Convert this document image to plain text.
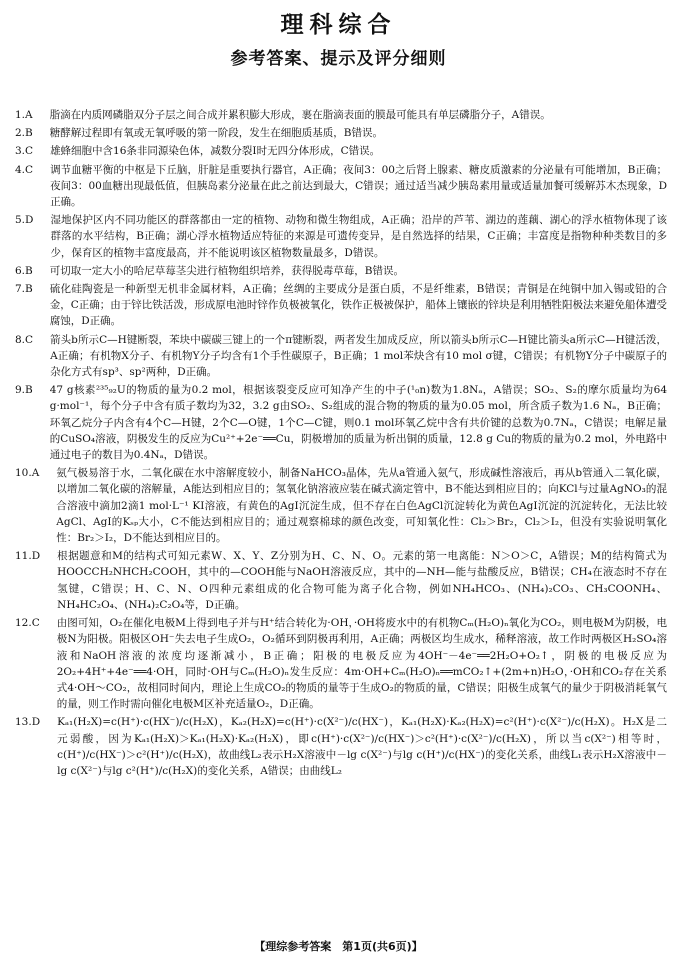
理科综合
参考答案、提示及评分细则
1.A 脂滴在内质网磷脂双分子层之间合成并累积膨大形成，裹在脂滴表面的膜最可能具有单层磷脂分子，A错误。
2.B 糖酵解过程即有氧或无氧呼吸的第一阶段，发生在细胞质基质，B错误。
3.C 雄蜂细胞中含16条非同源染色体，减数分裂Ⅰ时无四分体形成，C错误。
4.C 调节血糖平衡的中枢是下丘脑，肝脏是重要执行器官，A正确；夜间3：00之后肾上腺素、糖皮质激素的分泌量有可能增加，B正确；夜间3：00血糖出现最低值，但胰岛素分泌量在此之前达到最大，C错误；通过适当减少胰岛素用量或适量加餐可缓解苏木杰现象，D正确。
5.D 湿地保护区内不同功能区的群落都由一定的植物、动物和微生物组成，A正确；沿岸的芦苇、湖边的莲藕、湖心的浮水植物体现了该群落的水平结构，B正确；湖心浮水植物适应特征的来源是可遗传变异，是自然选择的结果，C正确；丰富度是指物种种类数目的多少，保育区的植物丰富度最高，并不能说明该区植物数量最多，D错误。
6.B 可切取一定大小的哈尼草莓茎尖进行植物组织培养，获得脱毒草莓，B错误。
7.B 硫化硅陶瓷是一种新型无机非金属材料，A正确；丝绸的主要成分是蛋白质，不是纤维素，B错误；青铜是在纯铜中加入锡或铅的合金，C正确；由于锌比铁活泼，形成原电池时锌作负极被氧化，铁作正极被保护，船体上镶嵌的锌块是利用牺牲阳极法来避免船体遭受腐蚀，D正确。
8.C 箭头b所示C—H键断裂，苯块中碳碳三键上的一个π键断裂，两者发生加成反应，所以箭头b所示C—H键比箭头a所示C—H键活泼，A正确；有机物X分子、有机物Y分子均含有1个手性碳原子，B正确；1 mol苯炔含有10 mol σ键，C错误；有机物Y分子中碳原子的杂化方式有sp³、sp²两种，D正确。
9.B 47 g核素²³⁵₉₂U的物质的量为0.2 mol，根据该裂变反应可知净产生的中子(¹₀n)数为1.8Nₐ，A错误；SO₂、S₂的摩尔质量均为64 g·mol⁻¹，每个分子中含有质子数均为32，3.2 g由SO₂、S₂组成的混合物的物质的量为0.05 mol，所含质子数为1.6 Nₐ，B正确；环氧乙烷分子内含有4个C—H键，2个C—O键，1个C—C键，则0.1 mol环氧乙烷中含有共价键的总数为0.7Nₐ，C错误；电解足量的CuSO₄溶液，阴极发生的反应为Cu²⁺+2e⁻══Cu，阴极增加的质量为析出铜的质量，12.8 g Cu的物质的量为0.2 mol，外电路中通过电子的数目为0.4Nₐ，D错误。
10.A 氨气极易溶于水，二氧化碳在水中溶解度较小，制备NaHCO₃晶体，先从a管通入氨气，形成碱性溶液后，再从b管通入二氧化碳，以增加二氧化碳的溶解量，A能达到相应目的；氢氧化钠溶液应装在碱式滴定管中，B不能达到相应目的；向KCl与过量AgNO₃的混合溶液中滴加2滴1 mol·L⁻¹ KI溶液，有黄色的AgI沉淀生成，但不存在白色AgCl沉淀转化为黄色AgI沉淀的沉淀转化，无法比较AgCl、AgI的Kₛₚ大小，C不能达到相应目的；通过观察棉球的颜色改变，可知氧化性：Cl₂＞Br₂，Cl₂＞I₂，但没有实验说明氧化性：Br₂＞I₂，D不能达到相应目的。
11.D 根据题意和M的结构式可知元素W、X、Y、Z分别为H、C、N、O。元素的第一电离能：N＞O＞C，A错误；M的结构简式为HOOCCH₂NHCH₂COOH，其中的—COOH能与NaOH溶液反应，其中的—NH—能与盐酸反应，B错误；CH₄在液态时不存在氢键，C错误；H、C、N、O四种元素组成的化合物可能为离子化合物，例如NH₄HCO₃、(NH₄)₂CO₃、CH₃COONH₄、NH₄HC₂O₄、(NH₄)₂C₂O₄等，D正确。
12.C 由图可知，O₂在催化电极M上得到电子并与H⁺结合转化为·OH，·OH将废水中的有机物Cₘ(H₂O)ₙ氧化为CO₂，则电极M为阴极，电极N为阳极。阳极区OH⁻失去电子生成O₂，O₂循环到阴极再利用，A正确；两极区均生成水，稀释溶液，故工作时两极区H₂SO₄溶液和NaOH溶液的浓度均逐渐减小，B正确；阳极的电极反应为4OH⁻－4e⁻══2H₂O+O₂↑，阴极的电极反应为2O₂+4H⁺+4e⁻══4·OH，同时·OH与Cₘ(H₂O)ₙ发生反应：4m·OH+Cₘ(H₂O)ₙ══mCO₂↑+(2m+n)H₂O，·OH和CO₂存在关系式4·OH～CO₂，故相同时间内，理论上生成CO₂的物质的量等于生成O₂的物质的量，C错误；阳极生成氧气的量少于阴极消耗氧气的量，则工作时需向催化电极M区补充适量O₂，D正确。
13.D Kₐ₁(H₂X)=c(H⁺)·c(HX⁻)/c(H₂X)，Kₐ₂(H₂X)=c(H⁺)·c(X²⁻)/c(HX⁻)，Kₐ₁(H₂X)·Kₐ₂(H₂X)=c²(H⁺)·c(X²⁻)/c(H₂X)。H₂X是二元弱酸，因为Kₐ₁(H₂X)＞Kₐ₁(H₂X)·Kₐ₂(H₂X)，即c(H⁺)·c(X²⁻)/c(HX⁻)＞c²(H⁺)·c(X²⁻)/c(H₂X)，所以当c(X²⁻)相等时，c(H⁺)/c(HX⁻)＞c²(H⁺)/c(H₂X)，故曲线L₂表示H₂X溶液中－lg c(X²⁻)与lg c(H⁺)/c(HX⁻)的变化关系，曲线L₁表示H₂X溶液中－lg c(X²⁻)与lg c²(H⁺)/c(H₂X)的变化关系，A错误；由曲线L₂
【理综参考答案　第1页(共6页)】
